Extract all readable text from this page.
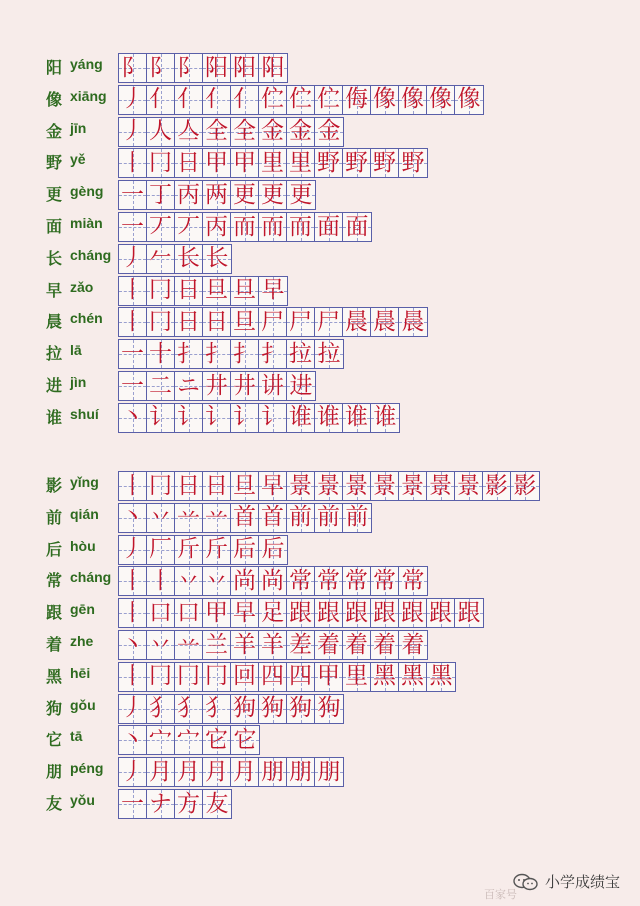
阳 yáng 阝 阝 阝 阳 阳 阳
像 xiāng 丿 亻 亻 亻 亻 伫 伫 伫 侮 像 像 像 像
金 jīn 丿 人 亼 全 全 金 金 金
野 yě 丨 冂 日 甲 甲 里 里 野 野 野 野
更 gèng 一 丁 丙 两 更 更 更
面 miàn 一 丆 丆 丙 而 而 而 面 面
长 cháng 丿 𠂉 长 长
早 zǎo 丨 冂 日 旦 旦 早
晨 chén 丨 冂 日 日 旦 尸 尸 尸 晨 晨 晨
拉 lā 一 十 扌 扌 扌 扌 拉 拉
进 jìn 一 二 ニ 井 井 讲 进
谁 shuí 丶 讠 讠 讠 讠 讠 谁 谁 谁 谁
影 yǐng 丨 冂 日 日 旦 早 景 景 景 景 景 景 景 影 影
前 qián 丶 丷 䒑 䒑 首 首 前 前 前
后 hòu 丿 厂 斤 斤 后 后
常 cháng 丨 丨 丷 丷 尚 尚 常 常 常 常 常
跟 gēn 丨 口 口 甲 早 足 跟 跟 跟 跟 跟 跟 跟
着 zhe 丶 丷 䒑 兰 羊 羊 差 着 着 着 着
黑 hēi 丨 冂 冂 冂 回 四 四 甲 里 黑 黑 黑
狗 gǒu 丿 犭 犭 犭 狗 狗 狗 狗
它 tā 丶 宀 宀 它 它
朋 péng 丿 月 月 月 月 朋 朋 朋
友 yǒu 一 ナ 方 友
小学成绩宝
百家号
